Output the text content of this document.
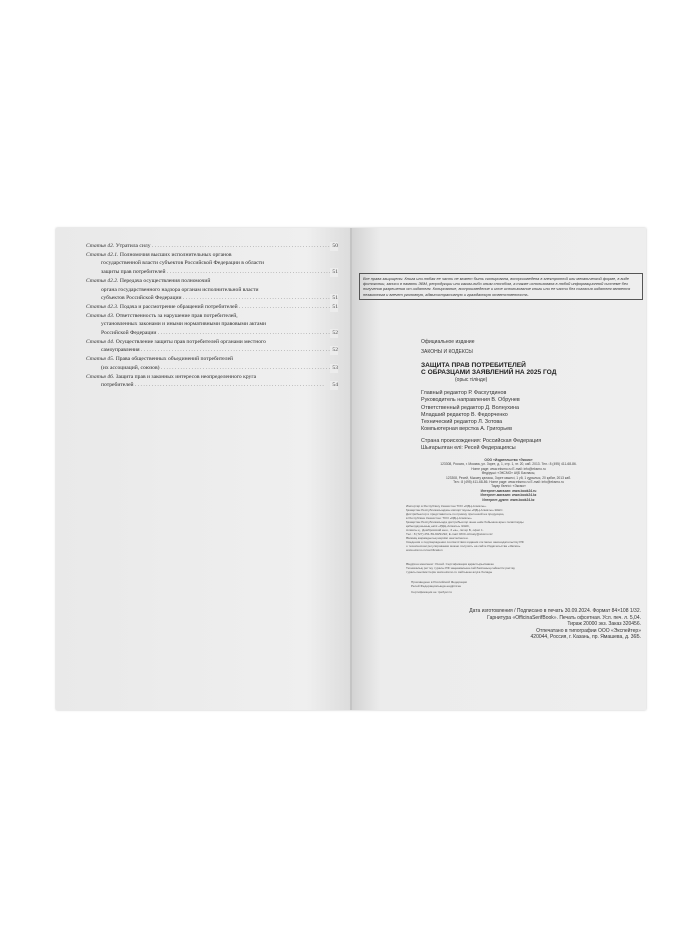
Статья 42. Утратила силу . . .	50
Статья 42.1. Полномочия высших исполнительных органов
государственной власти субъектов Российской Федерации в области
защиты прав потребителей . . .	51
Статья 42.2. Передача осуществления полномочий
органа государственного надзора органам исполнительной власти
субъектов Российской Федерации . . .	51
Статья 42.3. Подача и рассмотрение обращений потребителей . . .	51
Статья 43. Ответственность за нарушение прав потребителей,
установленных законами и иными нормативными правовыми актами
Российской Федерации . . .	52
Статья 44. Осуществление защиты прав потребителей органами местного
самоуправления . . .	52
Статья 45. Права общественных объединений потребителей
(их ассоциаций, союзов) . . .	53
Статья 46. Защита прав и законных интересов неопределенного круга
потребителей . . .	54
Все права защищены. Книга или любая ее часть не может быть скопирована, воспроизведена в электронной или механической форме, в виде фотокопии, записи в память ЭВМ, репродукции или каким-либо иным способом, а также использована в любой информационной системе без получения разрешения от издателя. Копирование, воспроизведение и иное использование книги или ее части без согласия издателя является незаконным и влечет уголовную, административную и гражданскую ответственность.
Официальное издание
ЗАКОНЫ И КОДЕКСЫ
ЗАЩИТА ПРАВ ПОТРЕБИТЕЛЕЙ
С ОБРАЗЦАМИ ЗАЯВЛЕНИЙ НА 2025 ГОД
(орыс тілінде)
Главный редактор Р. Фасхутдинов
Руководитель направления В. Обрунев
Ответственный редактор Д. Волнухина
Младший редактор В. Федорченко
Технический редактор Л. Зотова
Компьютерная верстка А. Григорьев
Страна происхождения: Российская Федерация
Шығарылған елі: Ресей Федерациясы
ООО «Издательство «Эксмо»
123308, Россия, г. Москва, ул. Зорге, д. 1, стр. 1, эт. 20, каб. 2013. Тел.: 8 (495) 411-68-86.
Home page: www.eksmo.ru E-mail: info@eksmo.ru
Өндіруші: «ЭКСМО» АҚБ Баспасы,
123308, Ресей, Мәскеу қаласы, Зорге көшесі, 1 үй, 1 құрылыс, 20 қабат, 2013 каб.
Тел.: 8 (495) 411-68-86. Home page: www.eksmo.ru E-mail: info@eksmo.ru
Тауар белгісі: «Эксмо»
Интернет-магазин: www.book24.ru
Интернет-магазин: www.book24.kz
Интернет-дүкен: www.book24.kz
Импортёр в Республику Казахстан ТОО «РДЦ-Алматы».
Қазақстан Республикасындағы импорттаушы «РДЦ-Алматы» ЖШС.
Дистрибьютор и представитель по приему претензий на продукцию,
в Республике Казахстан: ТОО «РДЦ-Алматы»
Қазақстан Республикасында дистрибьютор және өнім бойынша арыз-талаптарды
қабылдаушының өкілі «РДЦ-Алматы» ЖШС,
Алматы қ., Домбровский көш., 3 «а», литер Б, офис 1.
Тел.: 8 (727) 251-59-90/91/92; E-mail: RDC-Almaty@eksmo.kz
Өнімнің жарамдылық мерзімі шектелмеген.
Сведения о подтверждении соответствия издания согласно законодательству РФ
о техническом регулировании можно получить на сайте Издательства «Эксмо»
www.eksmo.ru/certification
Өндірген мемлекет: Ресей. Сертификация қарастырылмаған
Техникалық реттеу туралы РФ заңнамасына сай баспаның сәйкестік растау
туралы мәліметтерін www.eksmo.ru сайтынан алуға болады
Произведено в Российской Федерации
Ресей Федерациясында өндірілген
Сертификация не требуется
Дата изготовления / Подписано в печать 30.09.2024. Формат 84×108 1/32.
Гарнитура «OfficinaSerifBook». Печать офсетная. Усл. печ. л. 5,04.
Тираж 20000 экз. Заказ 320456.
Отпечатано в типографии ООО «Экспейтер»
420044, Россия, г. Казань, пр. Ямашева, д. 36Б.
